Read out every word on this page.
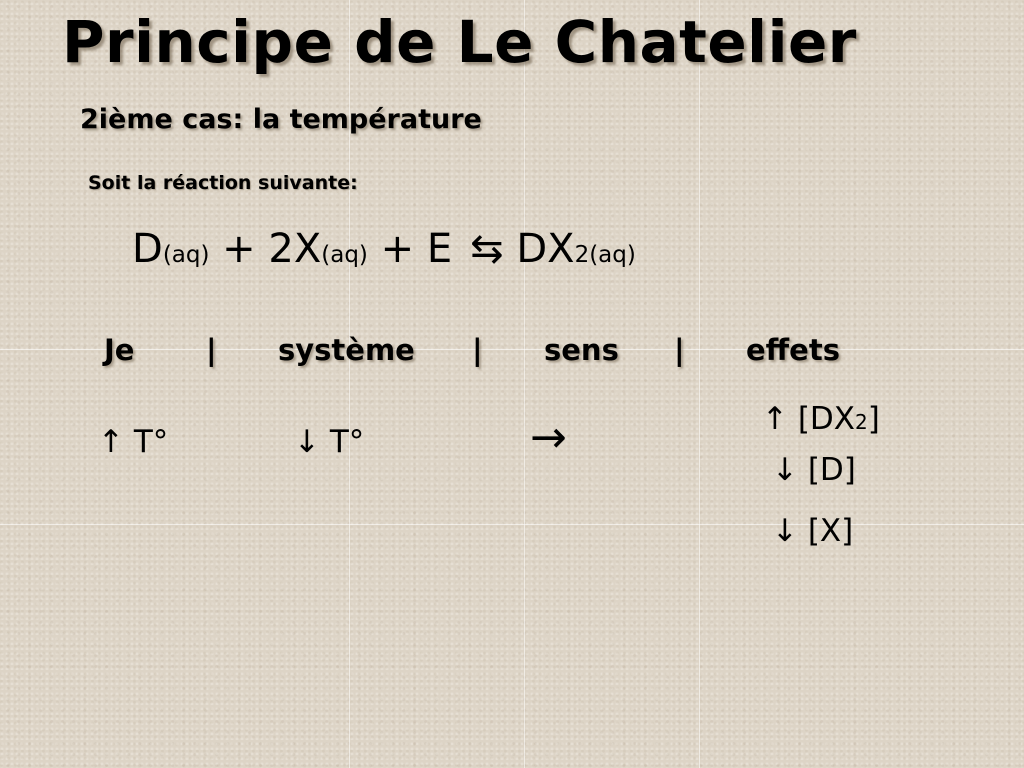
Principe de Le Chatelier
2ième cas: la température

Soit la réaction suivante:

D(aq) + 2X(aq) + E ⇆ DX2(aq)
Je | système | sens | effets
↑ T°	↓ T°	→	↑ [DX2]
↓ [D]
↓ [X]
